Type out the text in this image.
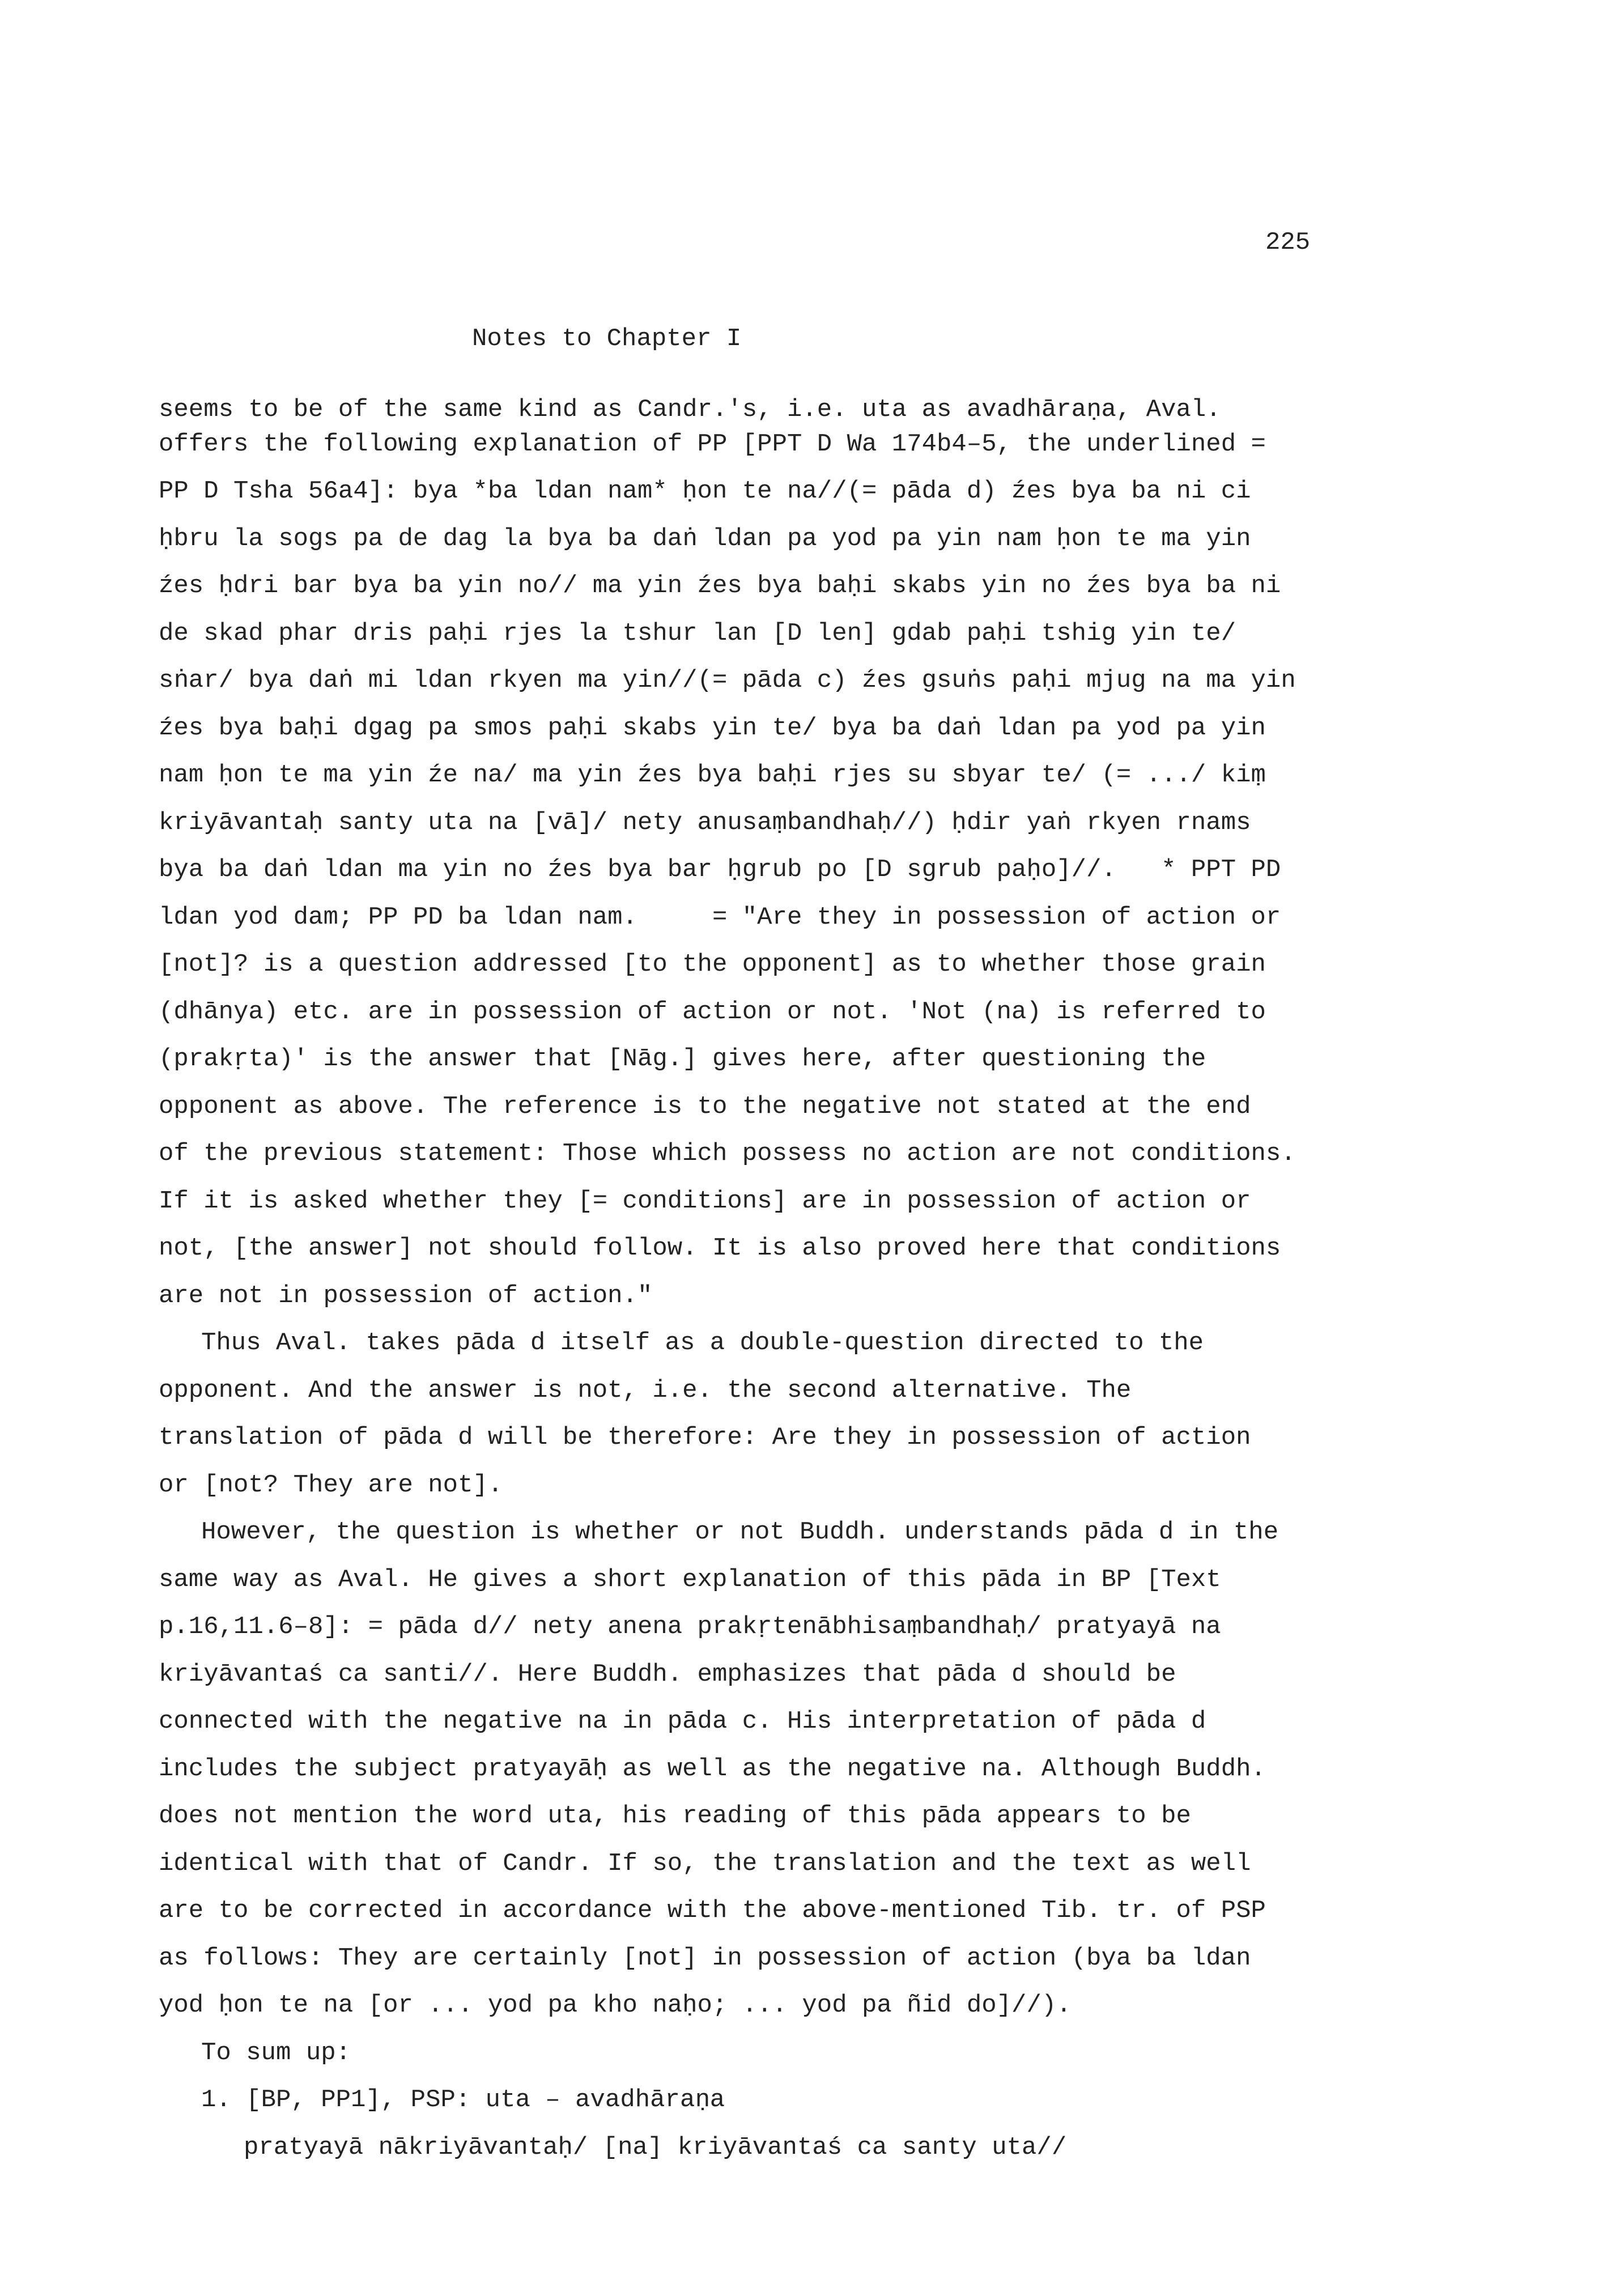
225
Notes to Chapter I

seems to be of the same kind as Candr.'s, i.e. uta as avadhāraṇa, Aval.

offers the following explanation of PP [PPT D Wa 174b4–5, the underlined =

PP D Tsha 56a4]: bya *ba ldan nam* ḥon te na//(= pāda d) źes bya ba ni ci

ḥbru la sogs pa de dag la bya ba daṅ ldan pa yod pa yin nam ḥon te ma yin

źes ḥdri bar bya ba yin no// ma yin źes bya baḥi skabs yin no źes bya ba ni

de skad phar dris paḥi rjes la tshur lan [D len] gdab paḥi tshig yin te/

sṅar/ bya daṅ mi ldan rkyen ma yin//(= pāda c) źes gsuṅs paḥi mjug na ma yin

źes bya baḥi dgag pa smos paḥi skabs yin te/ bya ba daṅ ldan pa yod pa yin

nam ḥon te ma yin źe na/ ma yin źes bya baḥi rjes su sbyar te/ (= .../ kiṃ

kriyāvantaḥ santy uta na [vā]/ nety anusaṃbandhaḥ//) ḥdir yaṅ rkyen rnams

bya ba daṅ ldan ma yin no źes bya bar ḥgrub po [D sgrub paḥo]//.   * PPT PD

ldan yod dam; PP PD ba ldan nam.     = "Are they in possession of action or

[not]? is a question addressed [to the opponent] as to whether those grain

(dhānya) etc. are in possession of action or not. 'Not (na) is referred to

(prakṛta)' is the answer that [Nāg.] gives here, after questioning the

opponent as above. The reference is to the negative not stated at the end

of the previous statement: Those which possess no action are not conditions.

If it is asked whether they [= conditions] are in possession of action or

not, [the answer] not should follow. It is also proved here that conditions

are not in possession of action."

Thus Aval. takes pāda d itself as a double-question directed to the

opponent. And the answer is not, i.e. the second alternative. The

translation of pāda d will be therefore: Are they in possession of action

or [not? They are not].

However, the question is whether or not Buddh. understands pāda d in the

same way as Aval. He gives a short explanation of this pāda in BP [Text

p.16,11.6–8]: = pāda d// nety anena prakṛtenābhisaṃbandhaḥ/ pratyayā na

kriyāvantaś ca santi//. Here Buddh. emphasizes that pāda d should be

connected with the negative na in pāda c. His interpretation of pāda d

includes the subject pratyayāḥ as well as the negative na. Although Buddh.

does not mention the word uta, his reading of this pāda appears to be

identical with that of Candr. If so, the translation and the text as well

are to be corrected in accordance with the above-mentioned Tib. tr. of PSP

as follows: They are certainly [not] in possession of action (bya ba ldan

yod ḥon te na [or ... yod pa kho naḥo; ... yod pa ñid do]//).

To sum up:

1. [BP, PP1], PSP: uta – avadhāraṇa

pratyayā nākriyāvantaḥ/ [na] kriyāvantaś ca santy uta//
